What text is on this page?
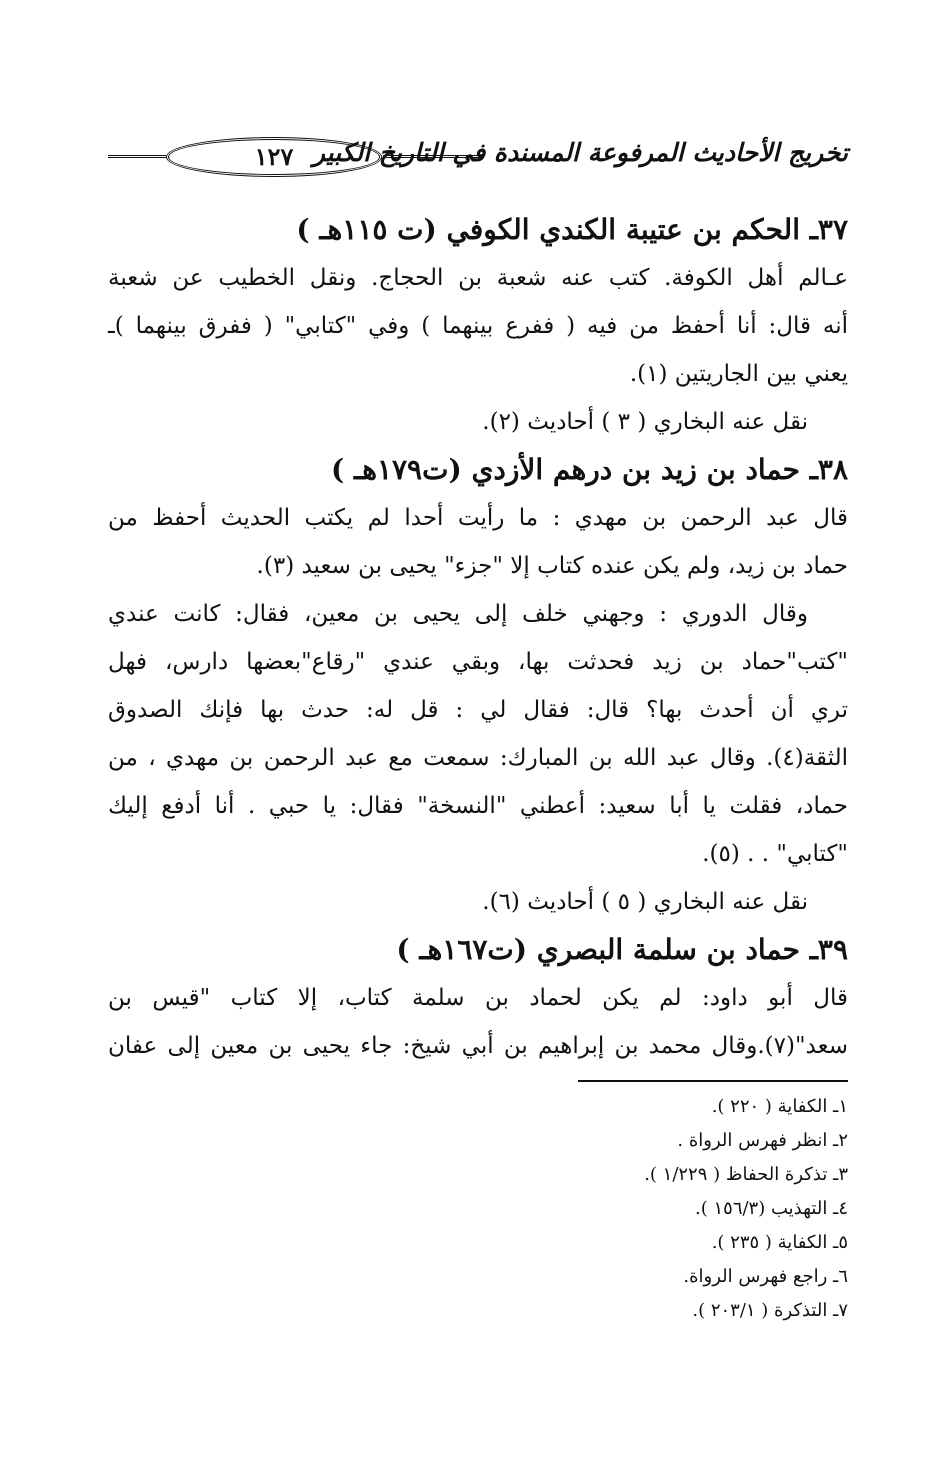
١٢٧ تخريج الأحاديث المرفوعة المسندة في التاريخ الكبير
٣٧ـ الحكم بن عتيبة الكندي الكوفي (ت ١١٥هـ )
عـالم أهل الكوفة. كتب عنه شعبة بن الحجاج. ونقل الخطيب عن شعبة
أنه قال: أنا أحفظ من فيه ( ففرع بينهما ) وفي "كتابي" ( ففرق بينهما )ـ
يعني بين الجاريتين (١).
نقل عنه البخاري ( ٣ ) أحاديث (٢).
٣٨ـ حماد بن زيد بن درهم الأزدي (ت١٧٩هـ )
قال عبد الرحمن بن مهدي : ما رأيت أحدا لم يكتب الحديث أحفظ من
حماد بن زيد، ولم يكن عنده كتاب إلا "جزء" يحيى بن سعيد (٣).
وقال الدوري : وجهني خلف إلى يحيى بن معين، فقال: كانت عندي
"كتب"حماد بن زيد فحدثت بها، وبقي عندي "رقاع"بعضها دارس، فهل
تري أن أحدث بها؟ قال: فقال لي : قل له: حدث بها فإنك الصدوق
الثقة(٤). وقال عبد الله بن المبارك: سمعت مع عبد الرحمن بن مهدي ، من
حماد، فقلت يا أبا سعيد: أعطني "النسخة" فقال: يا حبي . أنا أدفع إليك
"كتابي" . . (٥).
نقل عنه البخاري ( ٥ ) أحاديث (٦).
٣٩ـ حماد بن سلمة البصري (ت١٦٧هـ )
قال أبو داود: لم يكن لحماد بن سلمة كتاب، إلا كتاب "قيس بن
سعد"(٧).وقال محمد بن إبراهيم بن أبي شيخ: جاء يحيى بن معين إلى عفان
١ـ الكفاية ( ٢٢٠ ).
٢ـ انظر فهرس الرواة .
٣ـ تذكرة الحفاظ ( ١/٢٢٩ ).
٤ـ التهذيب (١٥٦/٣ ).
٥ـ الكفاية ( ٢٣٥ ).
٦ـ راجع فهرس الرواة.
٧ـ التذكرة ( ٢٠٣/١ ).
